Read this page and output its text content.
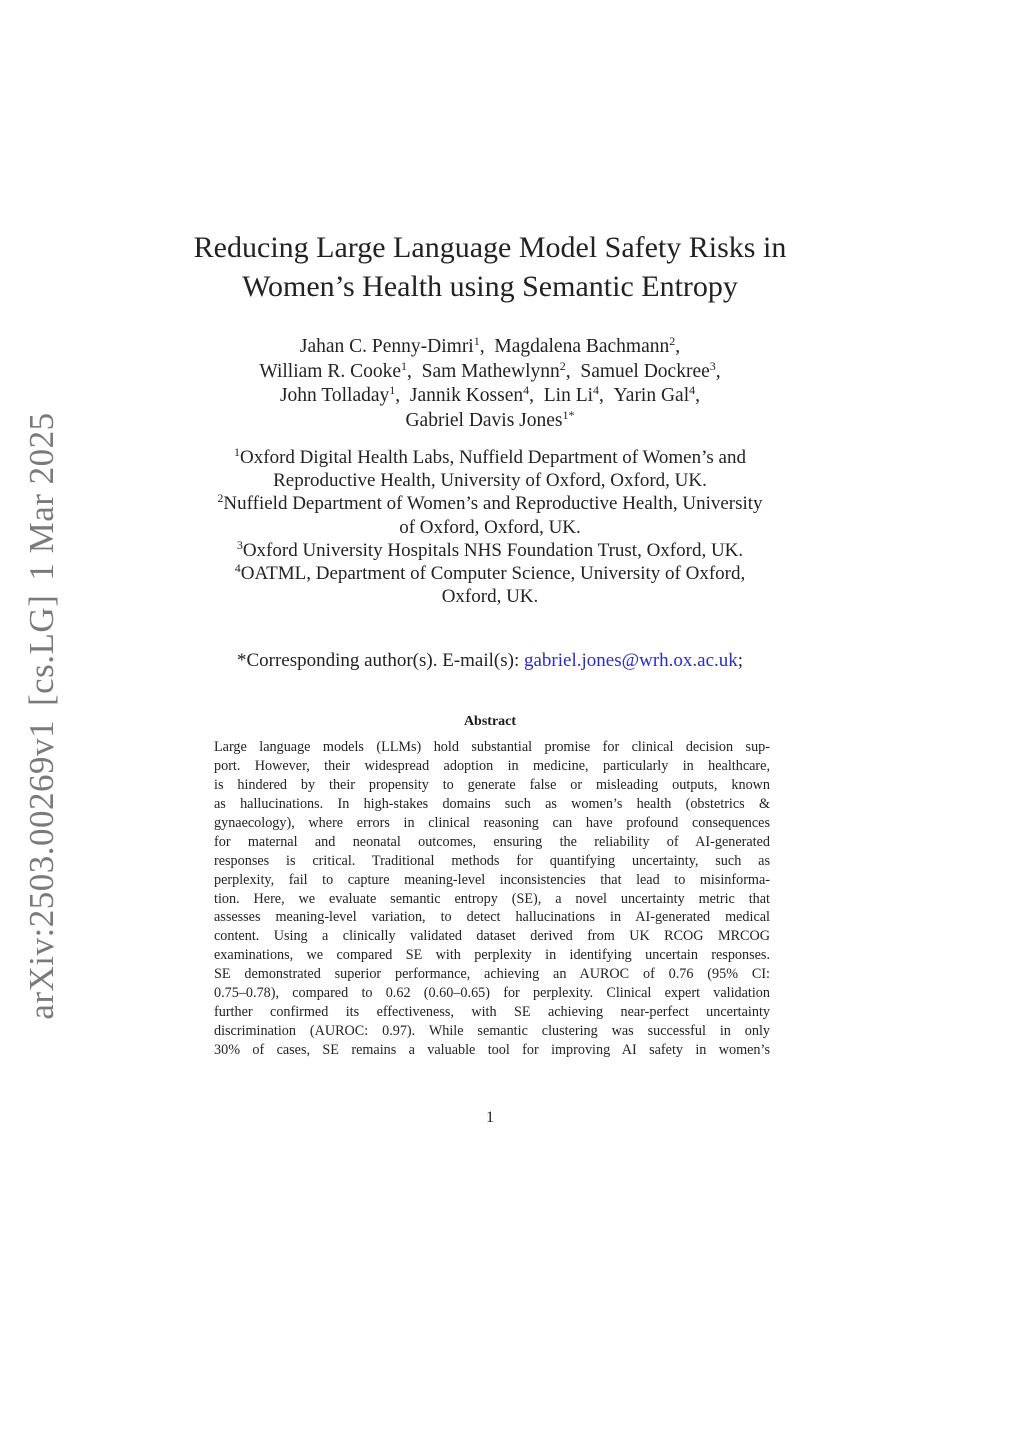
arXiv:2503.00269v1[cs.LG]1 Mar 2025
Reducing Large Language Model Safety Risks in
Women’s Health using Semantic Entropy
Jahan C. Penny-Dimri$^1$,  Magdalena Bachmann$^2$,
William R. Cooke$^1$,  Sam Mathewlynn$^2$,  Samuel Dockree$^3$,
John Tolladay$^1$,  Jannik Kossen$^4$,  Lin Li$^4$,  Yarin Gal$^4$,
Gabriel Davis Jones$^{1*}$
$^1$Oxford Digital Health Labs, Nuffield Department of Women’s and
Reproductive Health, University of Oxford, Oxford, UK.
$^2$Nuffield Department of Women’s and Reproductive Health, University
of Oxford, Oxford, UK.
$^3$Oxford University Hospitals NHS Foundation Trust, Oxford, UK.
$^4$OATML, Department of Computer Science, University of Oxford,
Oxford, UK.
*Corresponding author(s). E-mail(s): gabriel.jones@wrh.ox.ac.uk;
Abstract
Large language models (LLMs) hold substantial promise for clinical decision sup-
port. However, their widespread adoption in medicine, particularly in healthcare,
is hindered by their propensity to generate false or misleading outputs, known
as hallucinations. In high-stakes domains such as women’s health (obstetrics &
gynaecology), where errors in clinical reasoning can have profound consequences
for maternal and neonatal outcomes, ensuring the reliability of AI-generated
responses is critical. Traditional methods for quantifying uncertainty, such as
perplexity, fail to capture meaning-level inconsistencies that lead to misinforma-
tion. Here, we evaluate semantic entropy (SE), a novel uncertainty metric that
assesses meaning-level variation, to detect hallucinations in AI-generated medical
content. Using a clinically validated dataset derived from UK RCOG MRCOG
examinations, we compared SE with perplexity in identifying uncertain responses.
SE demonstrated superior performance, achieving an AUROC of 0.76 (95% CI:
0.75–0.78), compared to 0.62 (0.60–0.65) for perplexity. Clinical expert validation
further confirmed its effectiveness, with SE achieving near-perfect uncertainty
discrimination (AUROC: 0.97). While semantic clustering was successful in only
30% of cases, SE remains a valuable tool for improving AI safety in women’s
1
